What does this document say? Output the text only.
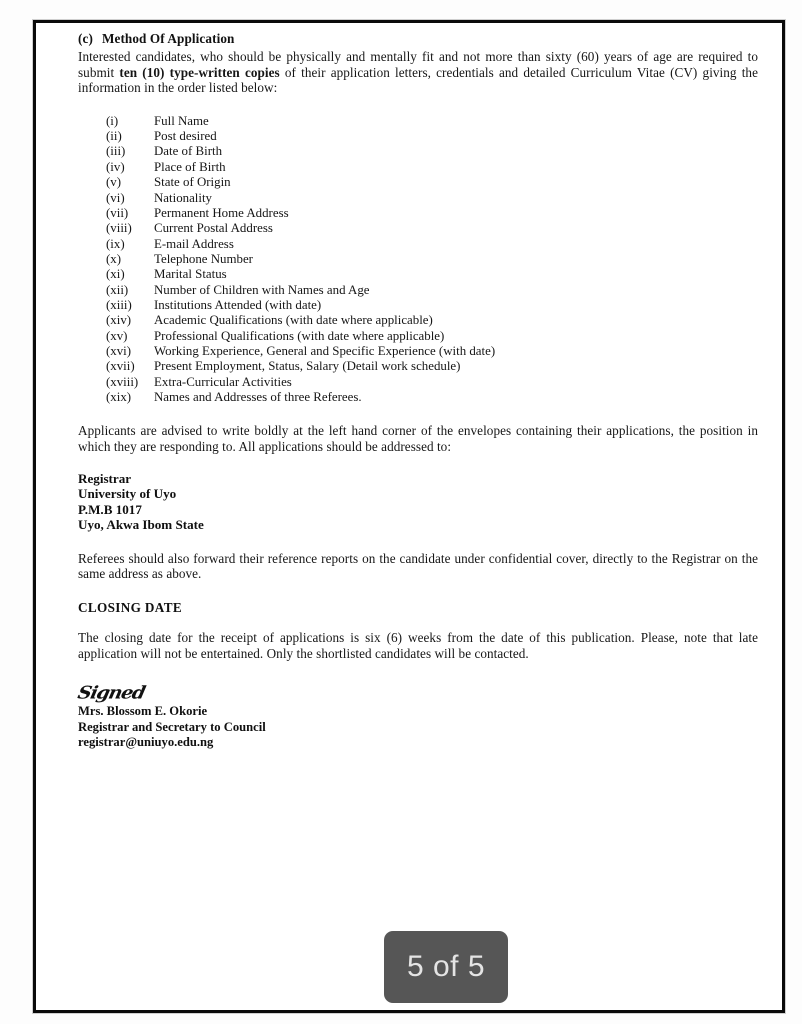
(c) Method Of Application

Interested candidates, who should be physically and mentally fit and not more than sixty (60) years of age are required to submit ten (10) type-written copies of their application letters, credentials and detailed Curriculum Vitae (CV) giving the information in the order listed below:

(i)	Full Name
(ii)	Post desired
(iii) Date of Birth
(iv) Place of Birth
(v)	State of Origin
(vi) Nationality
(vii) Permanent Home Address
(viii) Current Postal Address
(ix) E-mail Address
(x)	Telephone Number
(xi) Marital Status
(xii) Number of Children with Names and Age
(xiii) Institutions Attended (with date)
(xiv) Academic Qualifications (with date where applicable)
(xv) Professional Qualifications (with date where applicable)
(xvi) Working Experience, General and Specific Experience (with date)
(xvii) Present Employment, Status, Salary (Detail work schedule)
(xviii) Extra-Curricular Activities
(xix) Names and Addresses of three Referees.

Applicants are advised to write boldly at the left hand corner of the envelopes containing their applications, the position in which they are responding to. All applications should be addressed to:

Registrar
University of Uyo
P.M.B 1017
Uyo, Akwa Ibom State

Referees should also forward their reference reports on the candidate under confidential cover, directly to the Registrar on the same address as above.

CLOSING DATE

The closing date for the receipt of applications is six (6) weeks from the date of this publication. Please, note that late application will not be entertained. Only the shortlisted candidates will be contacted.

Signed
Mrs. Blossom E. Okorie
Registrar and Secretary to Council
registrar@uniuyo.edu.ng
5 of 5
